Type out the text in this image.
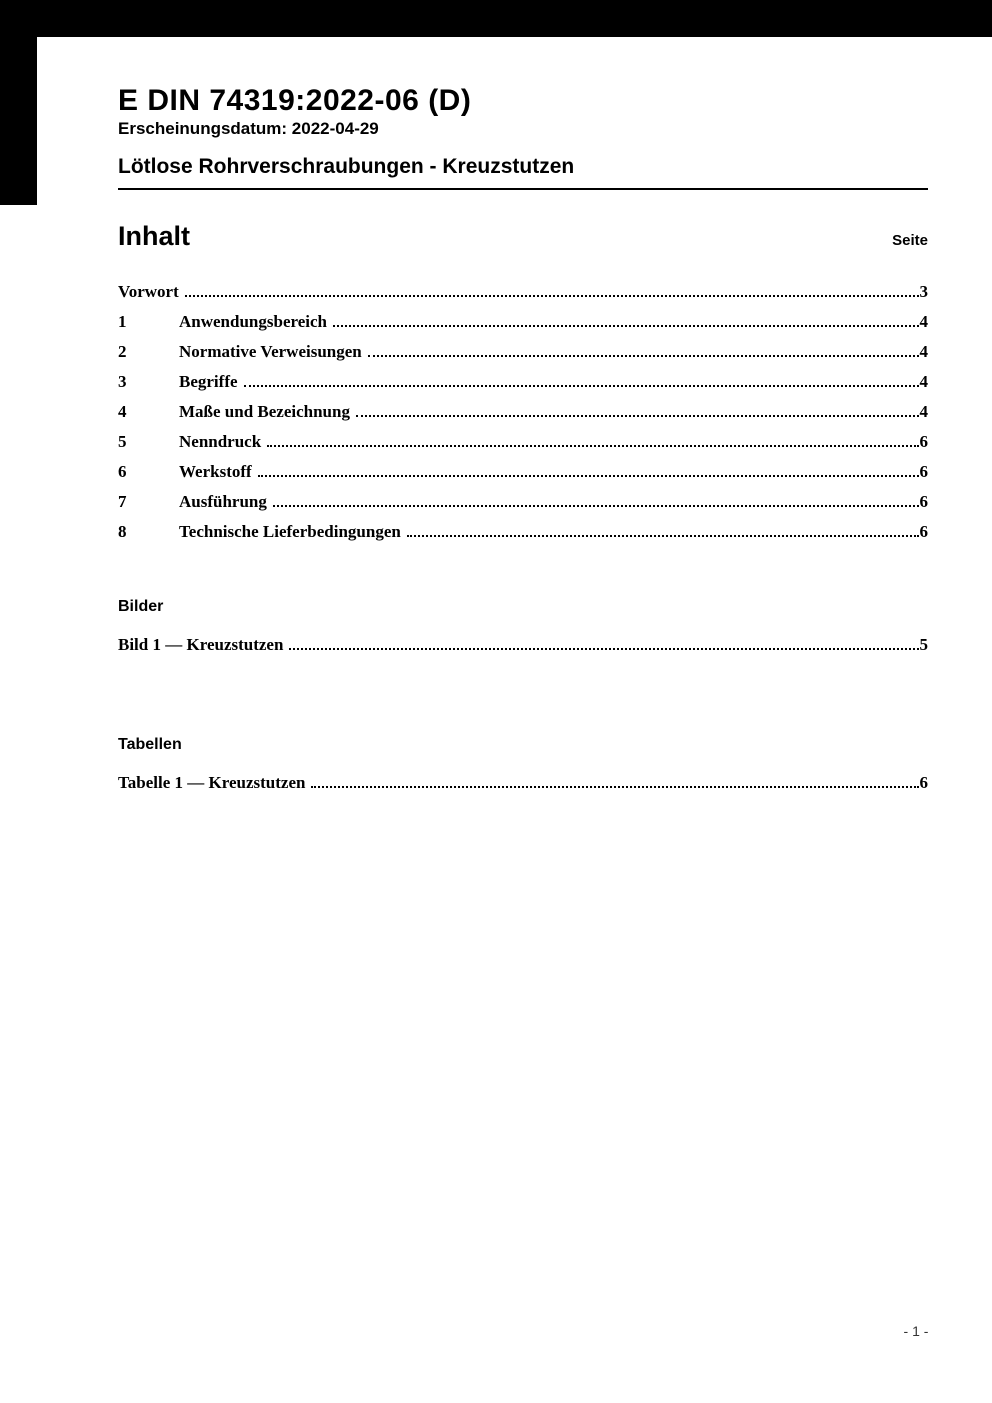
E DIN 74319:2022-06 (D)
Erscheinungsdatum: 2022-04-29
Lötlose Rohrverschraubungen - Kreuzstutzen
Inhalt	Seite
Vorwort	3
1	Anwendungsbereich	4
2	Normative Verweisungen	4
3	Begriffe	4
4	Maße und Bezeichnung	4
5	Nenndruck	6
6	Werkstoff	6
7	Ausführung	6
8	Technische Lieferbedingungen	6
Bilder
Bild 1 — Kreuzstutzen	5
Tabellen
Tabelle 1 — Kreuzstutzen	6
- 1 -
